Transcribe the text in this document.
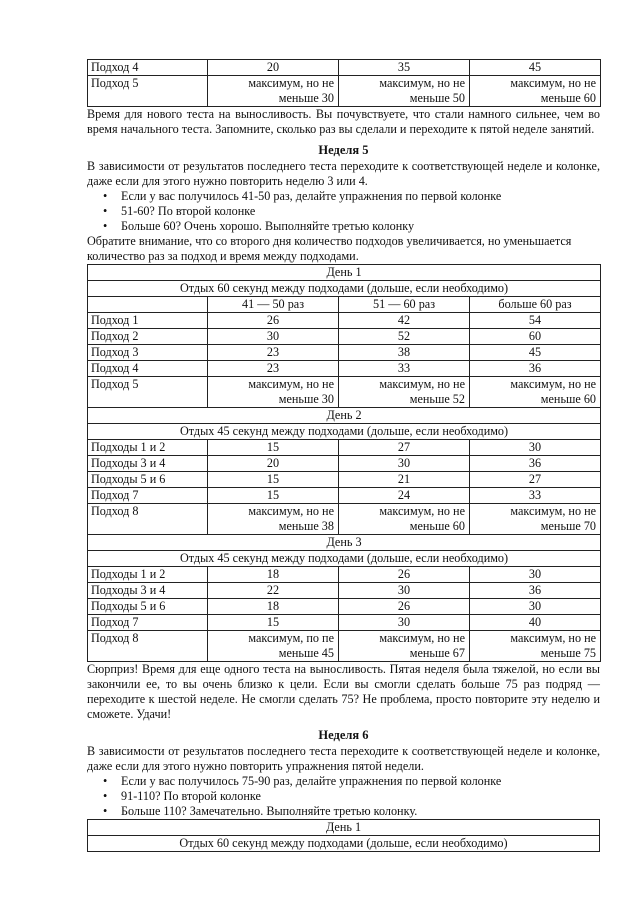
Подход 4	20	35	45
Подход 5	максимум, но не меньше 30	максимум, но не меньше 50	максимум, но не меньше 60

Время для нового теста на выносливость. Вы почувствуете, что стали намного сильнее, чем во время начального теста. Запомните, сколько раз вы сделали и переходите к пятой неделе занятий.

Неделя 5

В зависимости от результатов последнего теста переходите к соответствующей неделе и колонке, даже если для этого нужно повторить неделю 3 или 4.

• Если у вас получилось 41-50 раз, делайте упражнения по первой колонке
• 51-60? По второй колонке
• Больше 60? Очень хорошо. Выполняйте третью колонку

Обратите внимание, что со второго дня количество подходов увеличивается, но уменьшается количество раз за подход и время между подходами.

День 1			
Отдых 60 секунд между подходами (дольше, если необходимо)			
	41 — 50 раз	51 — 60 раз	больше 60 раз
Подход 1	26	42	54
Подход 2	30	52	60
Подход 3	23	38	45
Подход 4	23	33	36
Подход 5	максимум, но не меньше 30	максимум, но не меньше 52	максимум, но не меньше 60
День 2			
Отдых 45 секунд между подходами (дольше, если необходимо)			
Подходы 1 и 2	15	27	30
Подходы 3 и 4	20	30	36
Подходы 5 и 6	15	21	27
Подход 7	15	24	33
Подход 8	максимум, но не меньше 38	максимум, но не меньше 60	максимум, но не меньше 70
День 3			
Отдых 45 секунд между подходами (дольше, если необходимо)			
Подходы 1 и 2	18	26	30
Подходы 3 и 4	22	30	36
Подходы 5 и 6	18	26	30
Подход 7	15	30	40
Подход 8	максимум, по пе меньше 45	максимум, но не меньше 67	максимум, но не меньше 75

Сюрприз! Время для еще одного теста на выносливость. Пятая неделя была тяжелой, но если вы закончили ее, то вы очень близко к цели. Если вы смогли сделать больше 75 раз подряд — переходите к шестой неделе. Не смогли сделать 75? Не проблема, просто повторите эту неделю и сможете. Удачи!

Неделя 6

В зависимости от результатов последнего теста переходите к соответствующей неделе и колонке, даже если для этого нужно повторить упражнения пятой недели.

• Если у вас получилось 75-90 раз, делайте упражнения по первой колонке
• 91-110? По второй колонке
• Больше 110? Замечательно. Выполняйте третью колонку.
День 1
Отдых 60 секунд между подходами (дольше, если необходимо)
